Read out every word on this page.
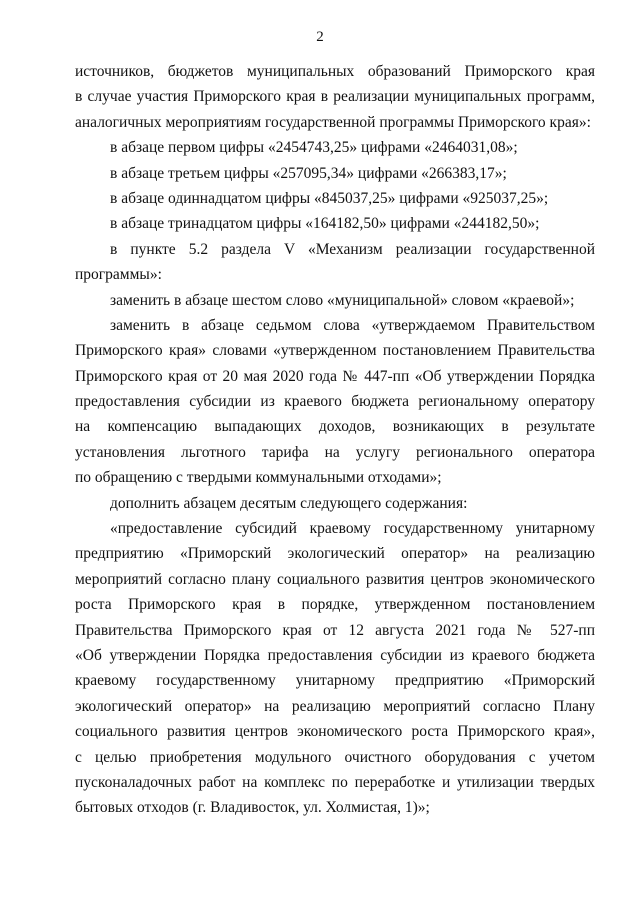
2
источников, бюджетов муниципальных образований Приморского края
в случае участия Приморского края в реализации муниципальных программ,
аналогичных мероприятиям государственной программы Приморского края»:
в абзаце первом цифры «2454743,25» цифрами «2464031,08»;
в абзаце третьем цифры «257095,34» цифрами «266383,17»;
в абзаце одиннадцатом цифры «845037,25» цифрами «925037,25»;
в абзаце тринадцатом цифры «164182,50» цифрами «244182,50»;
в пункте 5.2 раздела V «Механизм реализации государственной
программы»:
заменить в абзаце шестом слово «муниципальной» словом «краевой»;
заменить в абзаце седьмом слова «утверждаемом Правительством
Приморского края» словами «утвержденном постановлением Правительства
Приморского края от 20 мая 2020 года № 447-пп «Об утверждении Порядка
предоставления субсидии из краевого бюджета региональному оператору
на компенсацию выпадающих доходов, возникающих в результате
установления льготного тарифа на услугу регионального оператора
по обращению с твердыми коммунальными отходами»;
дополнить абзацем десятым следующего содержания:
«предоставление субсидий краевому государственному унитарному
предприятию «Приморский экологический оператор» на реализацию
мероприятий согласно плану социального развития центров экономического
роста Приморского края в порядке, утвержденном постановлением
Правительства Приморского края от 12 августа 2021 года № 527-пп
«Об утверждении Порядка предоставления субсидии из краевого бюджета
краевому государственному унитарному предприятию «Приморский
экологический оператор» на реализацию мероприятий согласно Плану
социального развития центров экономического роста Приморского края»,
с целью приобретения модульного очистного оборудования с учетом
пусконаладочных работ на комплекс по переработке и утилизации твердых
бытовых отходов (г. Владивосток, ул. Холмистая, 1)»;
